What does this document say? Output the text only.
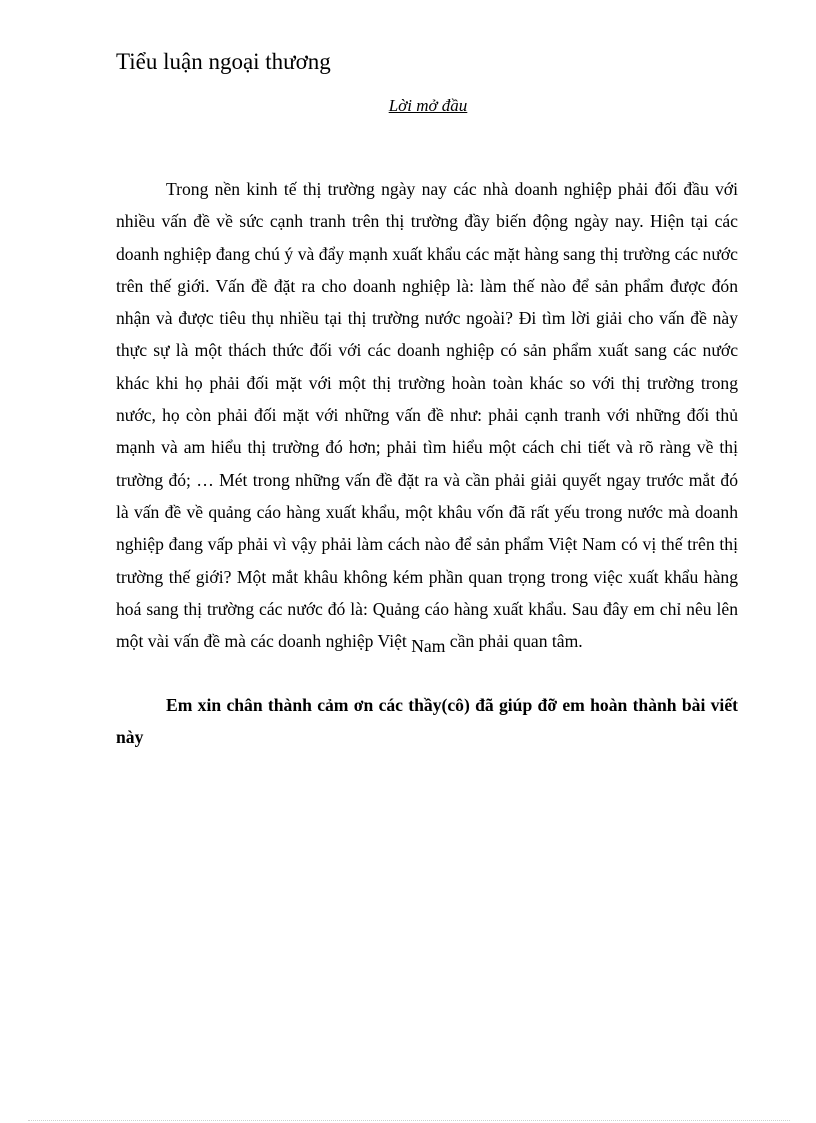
Tiểu luận ngoại thương
Lời mở đầu

Trong nền kinh tế thị trường ngày nay các nhà doanh nghiệp phải đối đầu với nhiều vấn đề về sức cạnh tranh trên thị trường đầy biến động ngày nay. Hiện tại các doanh nghiệp đang chú ý và đẩy mạnh xuất khẩu các mặt hàng sang thị trường các nước trên thế giới. Vấn đề đặt ra cho doanh nghiệp là: làm thế nào để sản phẩm được đón nhận và được tiêu thụ nhiều tại thị trường nước ngoài? Đi tìm lời giải cho vấn đề này thực sự là một thách thức đối với các doanh nghiệp có sản phẩm xuất sang các nước khác khi họ phải đối mặt với một thị trường hoàn toàn khác so với thị trường trong nước, họ còn phải đối mặt với những vấn đề như: phải cạnh tranh với những đối thủ mạnh và am hiểu thị trường đó hơn; phải tìm hiểu một cách chi tiết và rõ ràng về thị trường đó; … Mét trong những vấn đề đặt ra và cần phải giải quyết ngay trước mắt đó là vấn đề về quảng cáo hàng xuất khẩu, một khâu vốn đã rất yếu trong nước mà doanh nghiệp đang vấp phải vì vậy phải làm cách nào để sản phẩm Việt Nam có vị thế trên thị trường thế giới? Một mắt khâu không kém phần quan trọng trong việc xuất khẩu hàng hoá sang thị trường các nước đó là: Quảng cáo hàng xuất khẩu. Sau đây em chỉ nêu lên một vài vấn đề mà các doanh nghiệp Việt Nam cần phải quan tâm.

Em xin chân thành cảm ơn các thầy(cô) đã giúp đỡ em hoàn thành bài viết này
